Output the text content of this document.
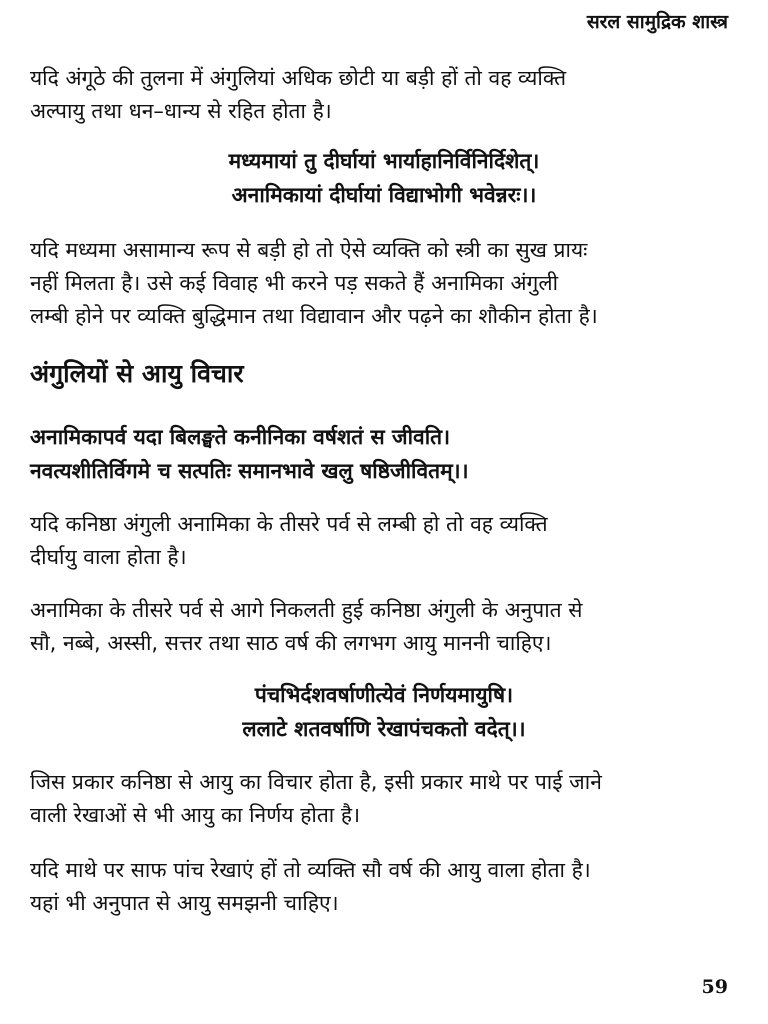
सरल सामुद्रिक शास्त्र
यदि अंगूठे की तुलना में अंगुलियां अधिक छोटी या बड़ी हों तो वह व्यक्ति
अल्पायु तथा धन–धान्य से रहित होता है।
मध्यमायां तु दीर्घायां भार्याहानिर्विनिर्दिशेत्।
अनामिकायां दीर्घायां विद्याभोगी भवेन्नरः।।
यदि मध्यमा असामान्य रूप से बड़ी हो तो ऐसे व्यक्ति को स्त्री का सुख प्रायः
नहीं मिलता है। उसे कई विवाह भी करने पड़ सकते हैं अनामिका अंगुली
लम्बी होने पर व्यक्ति बुद्धिमान तथा विद्यावान और पढ़ने का शौकीन होता है।
अंगुलियों से आयु विचार
अनामिकापर्व यदा बिलङ्घते कनीनिका वर्षशतं स जीवति।
नवत्यशीतिर्विगमे च सत्पतिः समानभावे खलु षष्ठिजीवितम्।।
यदि कनिष्ठा अंगुली अनामिका के तीसरे पर्व से लम्बी हो तो वह व्यक्ति
दीर्घायु वाला होता है।
अनामिका के तीसरे पर्व से आगे निकलती हुई कनिष्ठा अंगुली के अनुपात से
सौ, नब्बे, अस्सी, सत्तर तथा साठ वर्ष की लगभग आयु माननी चाहिए।
पंचभिर्दशवर्षाणीत्येवं निर्णयमायुषि।
ललाटे शतवर्षाणि रेखापंचकतो वदेत्।।
जिस प्रकार कनिष्ठा से आयु का विचार होता है, इसी प्रकार माथे पर पाई जाने
वाली रेखाओं से भी आयु का निर्णय होता है।
यदि माथे पर साफ पांच रेखाएं हों तो व्यक्ति सौ वर्ष की आयु वाला होता है।
यहां भी अनुपात से आयु समझनी चाहिए।
59
